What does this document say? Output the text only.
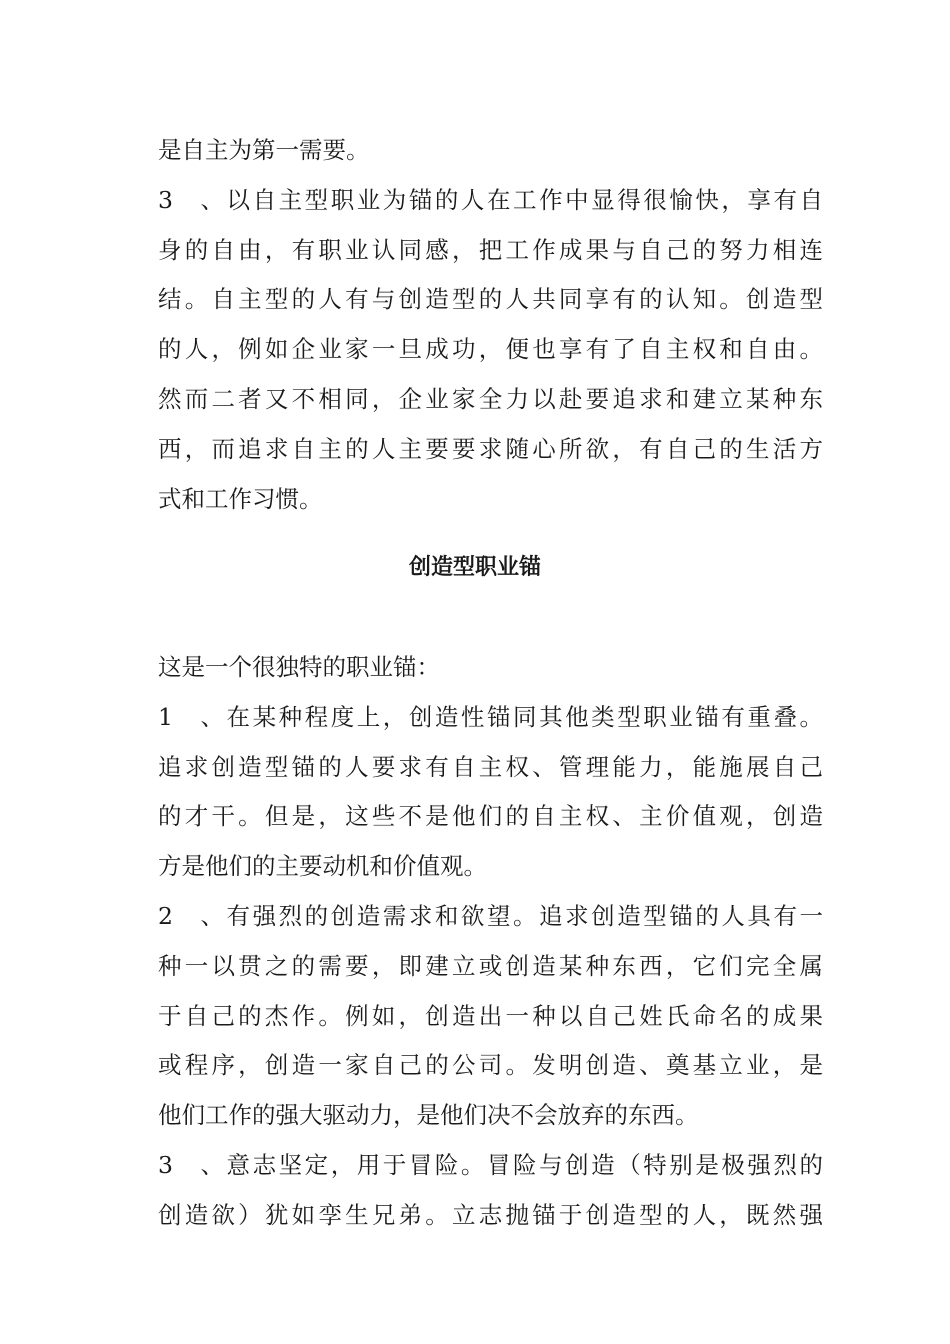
是自主为第一需要。
3、以自主型职业为锚的人在工作中显得很愉快，享有自
身的自由，有职业认同感，把工作成果与自己的努力相连
结。自主型的人有与创造型的人共同享有的认知。创造型
的人，例如企业家一旦成功，便也享有了自主权和自由。
然而二者又不相同，企业家全力以赴要追求和建立某种东
西，而追求自主的人主要要求随心所欲，有自己的生活方
式和工作习惯。
创造型职业锚
这是一个很独特的职业锚：
1、在某种程度上，创造性锚同其他类型职业锚有重叠。
追求创造型锚的人要求有自主权、管理能力，能施展自己
的才干。但是，这些不是他们的自主权、主价值观，创造
方是他们的主要动机和价值观。
2、有强烈的创造需求和欲望。追求创造型锚的人具有一
种一以贯之的需要，即建立或创造某种东西，它们完全属
于自己的杰作。例如，创造出一种以自己姓氏命名的成果
或程序，创造一家自己的公司。发明创造、奠基立业，是
他们工作的强大驱动力，是他们决不会放弃的东西。
3、意志坚定，用于冒险。冒险与创造（特别是极强烈的
创造欲）犹如孪生兄弟。立志抛锚于创造型的人，既然强
